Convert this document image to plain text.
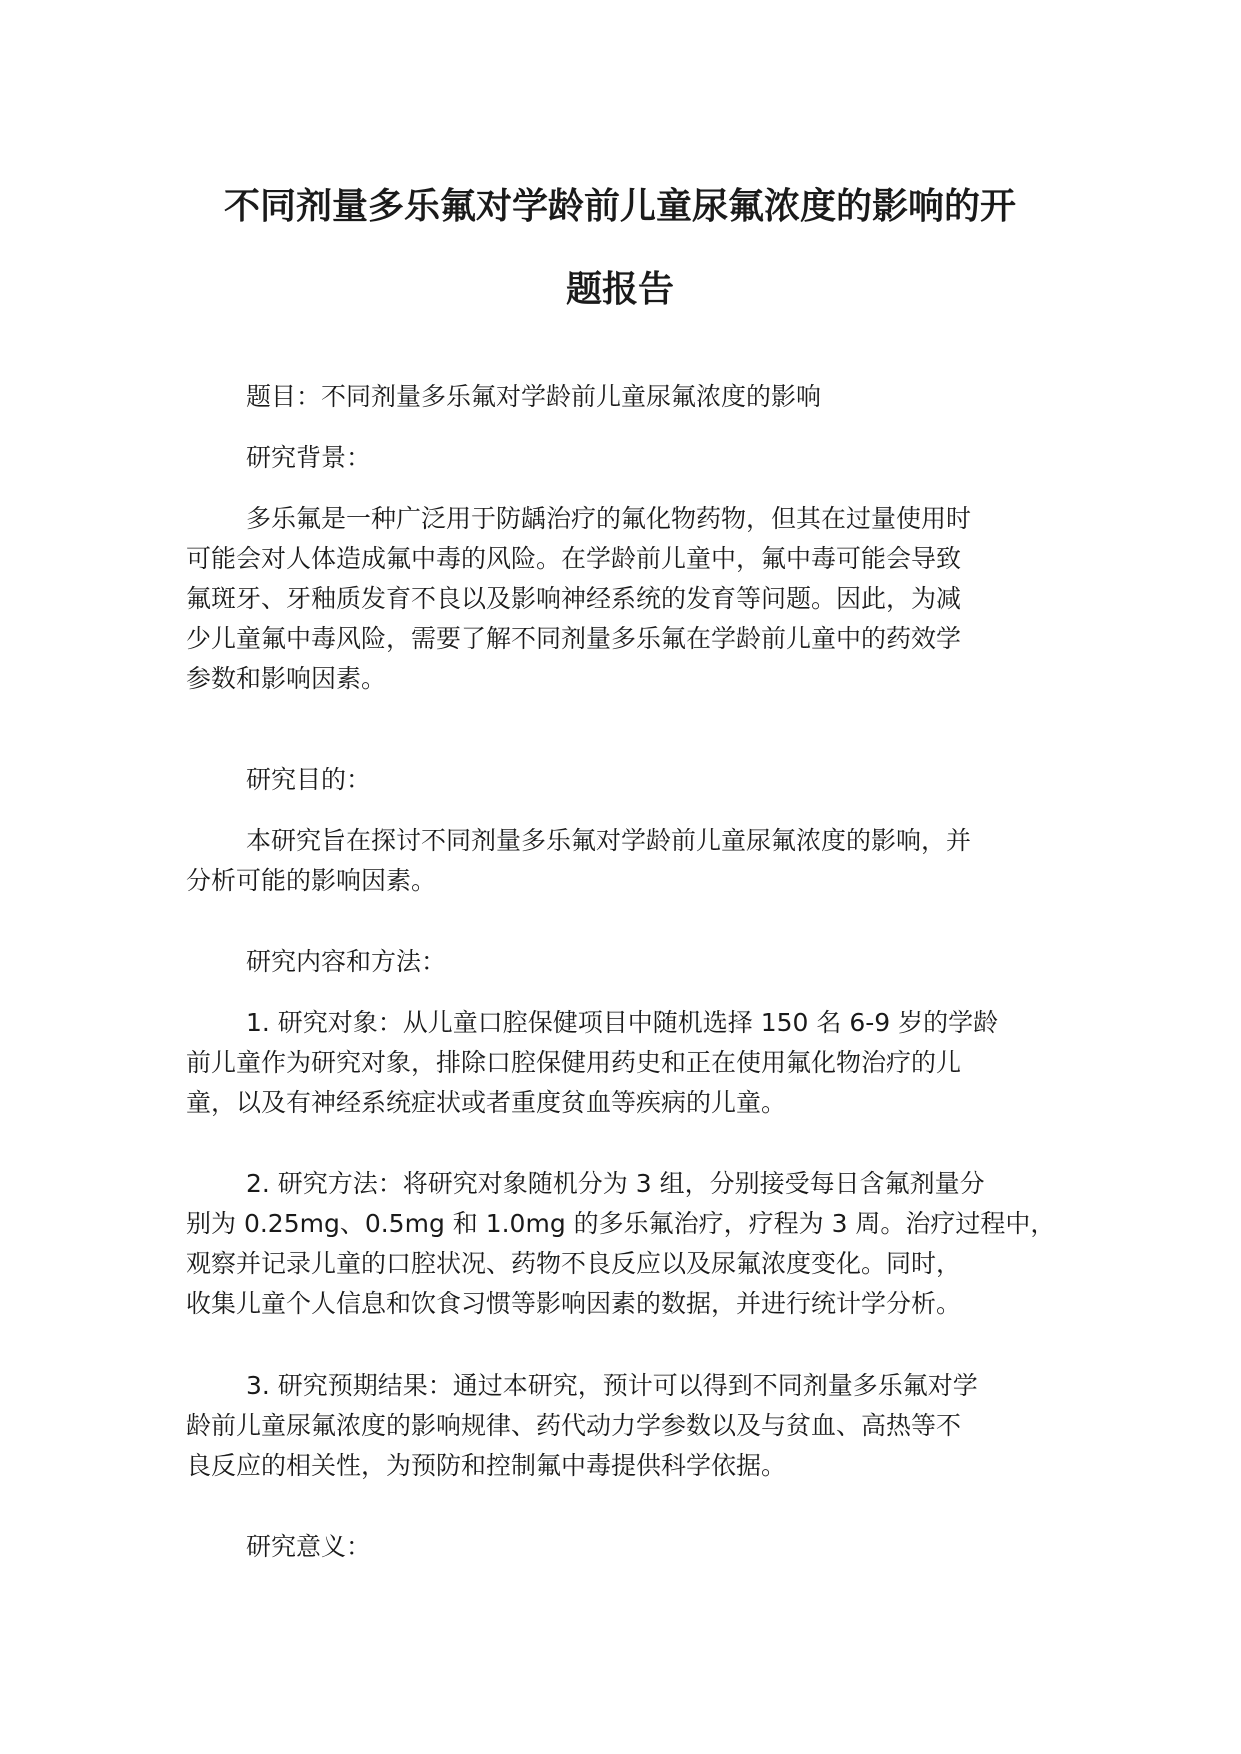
不同剂量多乐氟对学龄前儿童尿氟浓度的影响的开
题报告

题目：不同剂量多乐氟对学龄前儿童尿氟浓度的影响

研究背景：

多乐氟是一种广泛用于防龋治疗的氟化物药物，但其在过量使用时
可能会对人体造成氟中毒的风险。在学龄前儿童中，氟中毒可能会导致
氟斑牙、牙釉质发育不良以及影响神经系统的发育等问题。因此，为减
少儿童氟中毒风险，需要了解不同剂量多乐氟在学龄前儿童中的药效学
参数和影响因素。

研究目的：

本研究旨在探讨不同剂量多乐氟对学龄前儿童尿氟浓度的影响，并
分析可能的影响因素。

研究内容和方法：

1. 研究对象：从儿童口腔保健项目中随机选择 150 名 6-9 岁的学龄
前儿童作为研究对象，排除口腔保健用药史和正在使用氟化物治疗的儿
童，以及有神经系统症状或者重度贫血等疾病的儿童。

2. 研究方法：将研究对象随机分为 3 组，分别接受每日含氟剂量分
别为 0.25mg、0.5mg 和 1.0mg 的多乐氟治疗，疗程为 3 周。治疗过程中，
观察并记录儿童的口腔状况、药物不良反应以及尿氟浓度变化。同时，
收集儿童个人信息和饮食习惯等影响因素的数据，并进行统计学分析。

3. 研究预期结果：通过本研究，预计可以得到不同剂量多乐氟对学
龄前儿童尿氟浓度的影响规律、药代动力学参数以及与贫血、高热等不
良反应的相关性，为预防和控制氟中毒提供科学依据。

研究意义：
